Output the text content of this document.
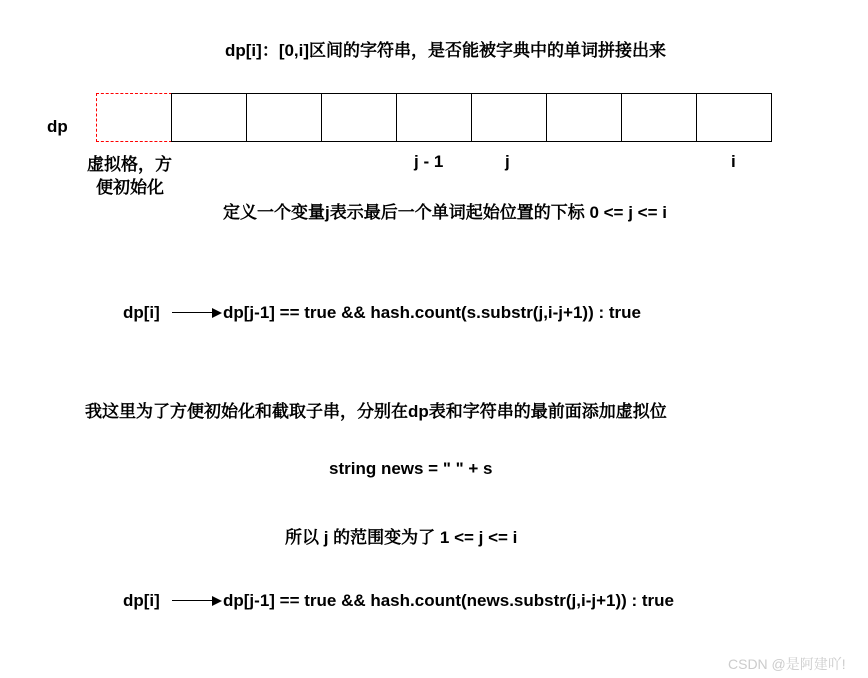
dp[i]：[0,i]区间的字符串，是否能被字典中的单词拼接出来
dp
虚拟格，方
便初始化
j - 1	j	i
定义一个变量j表示最后一个单词起始位置的下标 0 <= j <= i
dp[i]	dp[j-1] == true && hash.count(s.substr(j,i-j+1)) : true
我这里为了方便初始化和截取子串，分别在dp表和字符串的最前面添加虚拟位
string news = " " + s
所以 j 的范围变为了 1 <= j <= i
dp[i]	dp[j-1] == true && hash.count(news.substr(j,i-j+1)) : true
CSDN @是阿建吖!
